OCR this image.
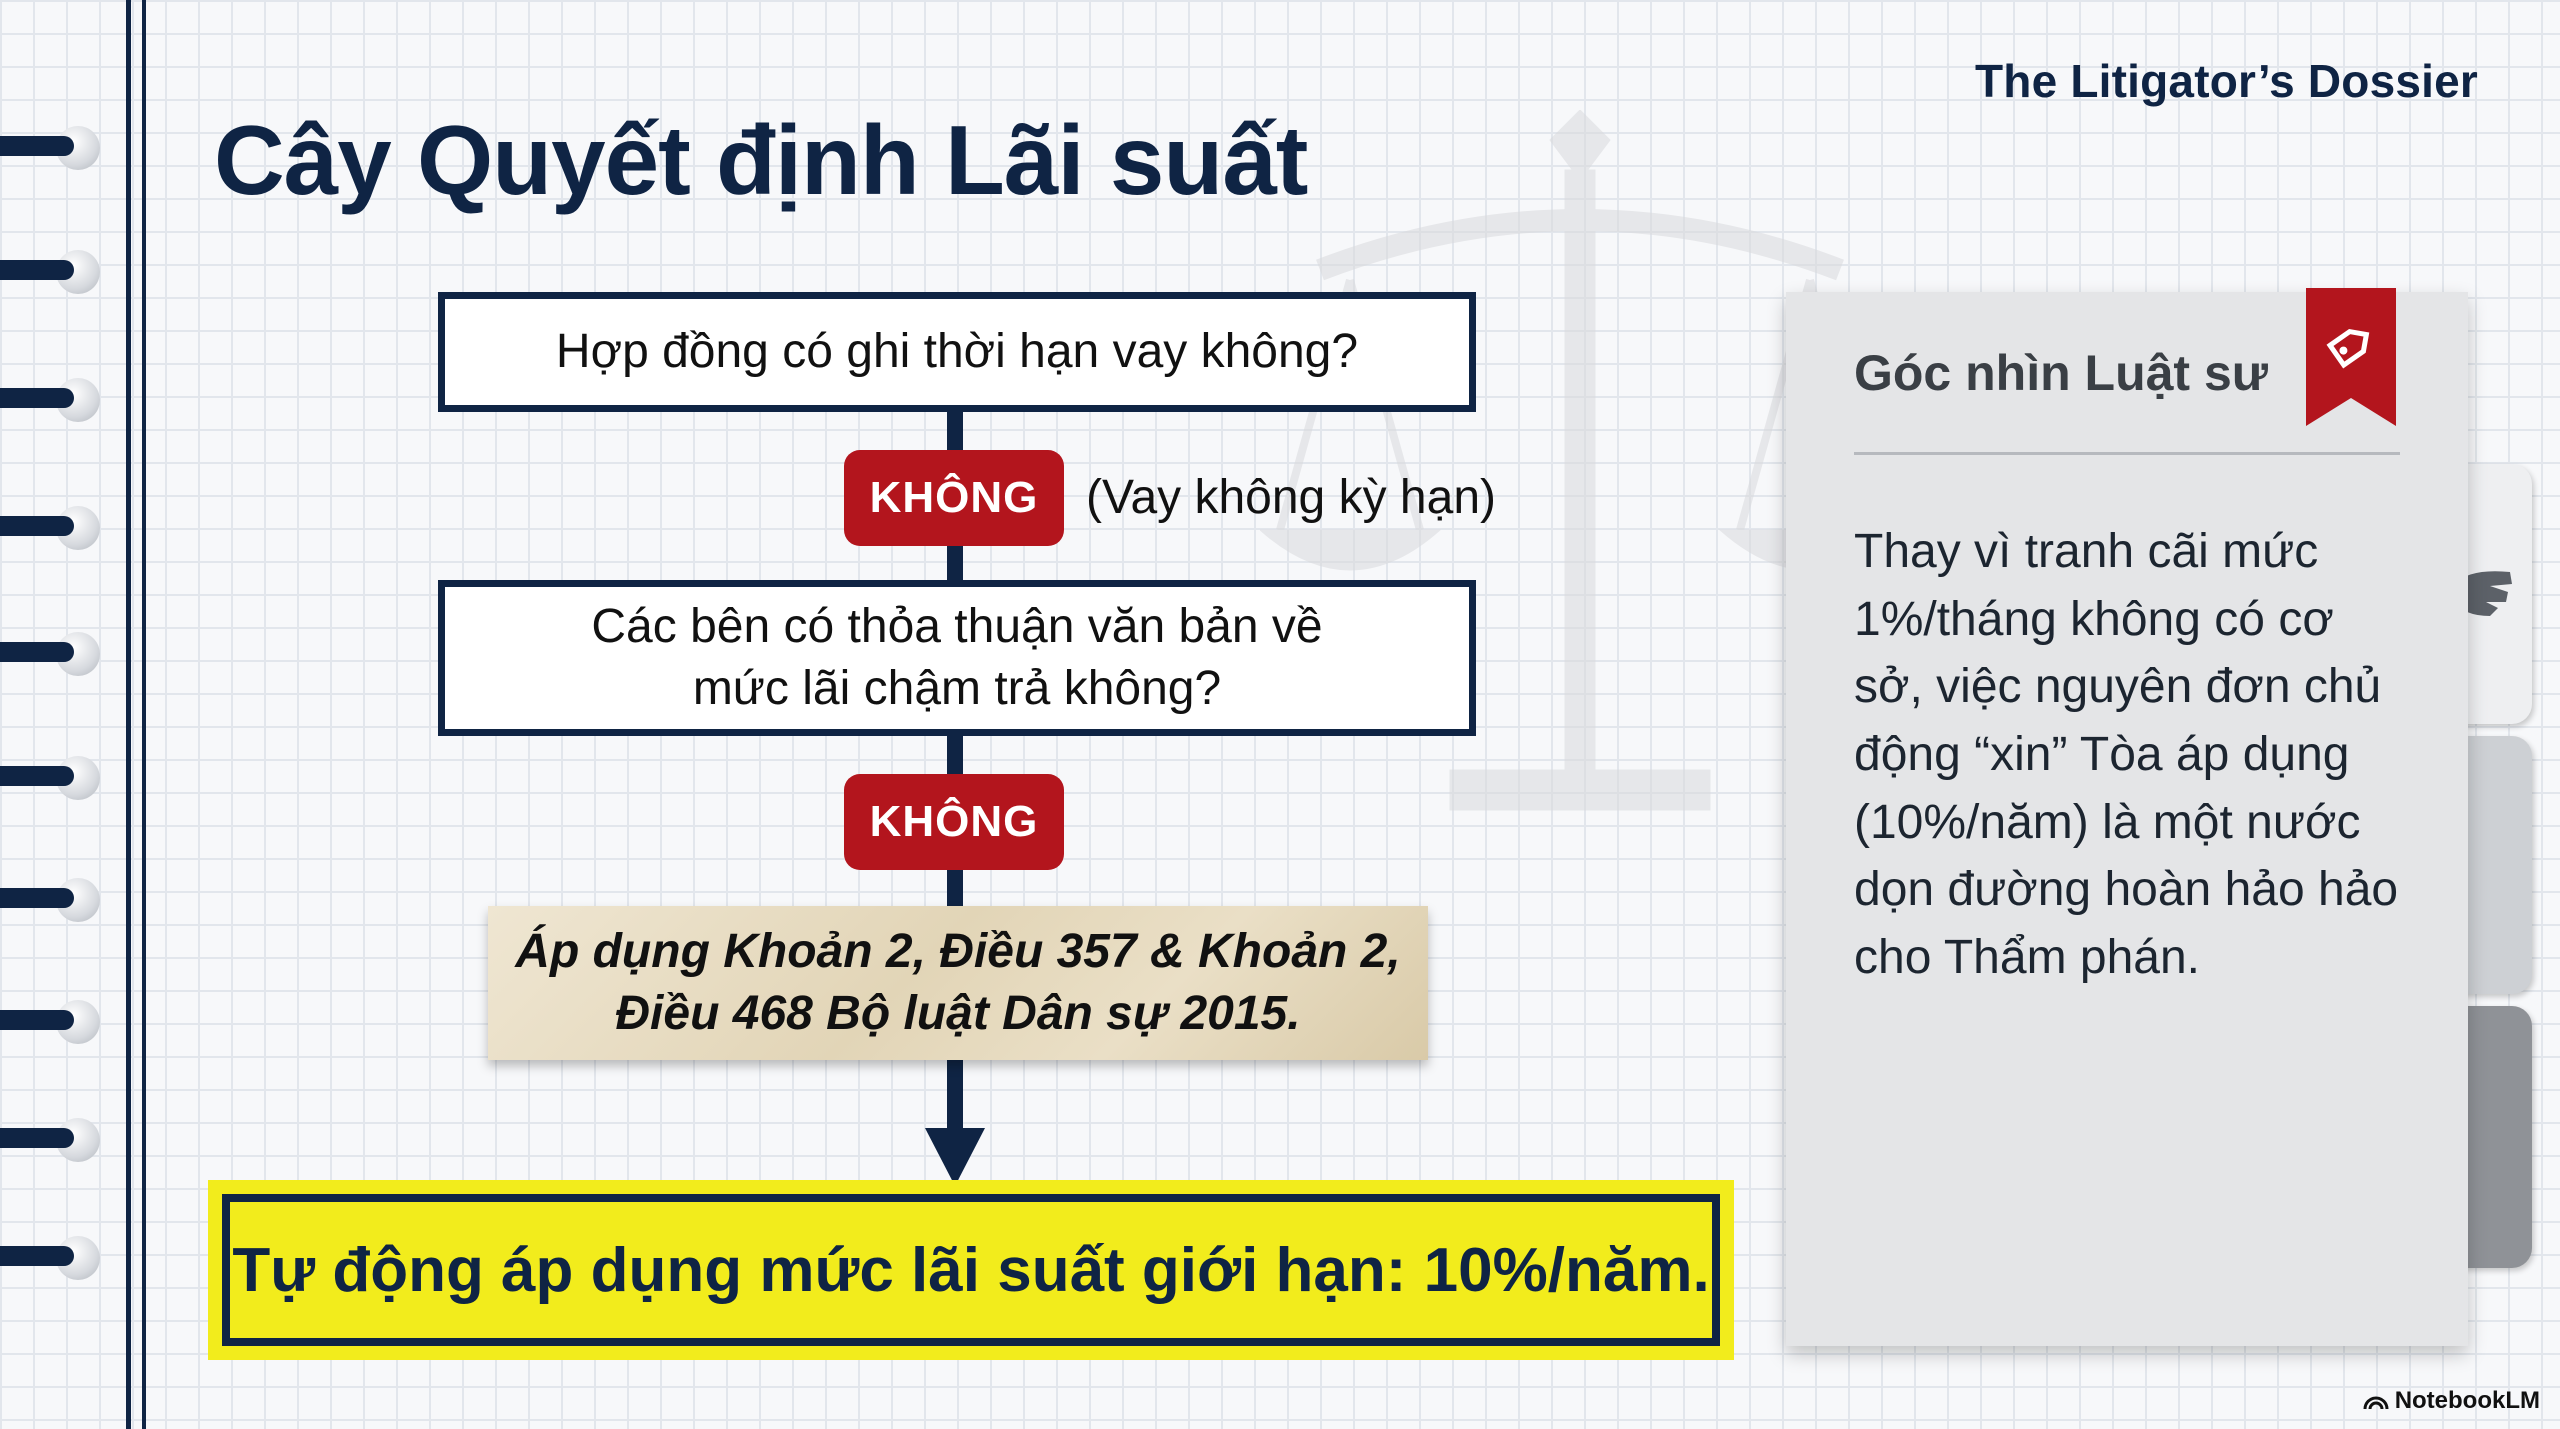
The Litigator’s Dossier
Cây Quyết định Lãi suất
Hợp đồng có ghi thời hạn vay không?
KHÔNG (Vay không kỳ hạn)
Các bên có thỏa thuận văn bản về
mức lãi chậm trả không?
KHÔNG
Áp dụng Khoản 2, Điều 357 & Khoản 2,
Điều 468 Bộ luật Dân sự 2015.
Tự động áp dụng mức lãi suất giới hạn: 10%/năm.
Góc nhìn Luật sư
Thay vì tranh cãi mức 1%/tháng không có cơ sở, việc nguyên đơn chủ động “xin” Tòa áp dụng (10%/năm) là một nước dọn đường hoàn hảo hảo cho Thẩm phán.
NotebookLM
